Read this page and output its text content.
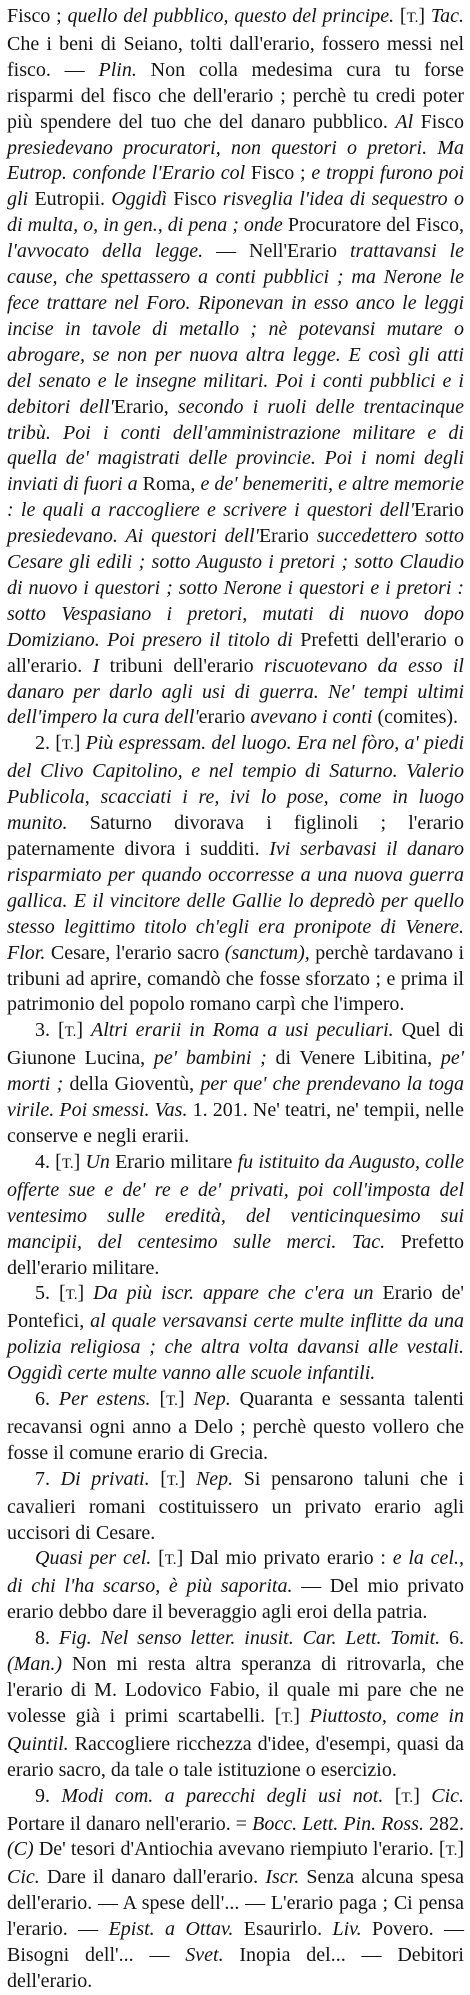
Fisco ; quello del pubblico, questo del principe. [T.] Tac. Che i beni di Seiano, tolti dall'erario, fossero messi nel fisco. — Plin. Non colla medesima cura tu forse risparmi del fisco che dell'erario ; perchè tu credi poter più spendere del tuo che del danaro pubblico. Al Fisco presiedevano procuratori, non questori o pretori. Ma Eutrop. confonde l'Erario col Fisco ; e troppi furono poi gli Eutropii. Oggidì Fisco risveglia l'idea di sequestro o di multa, o, in gen., di pena ; onde Procuratore del Fisco, l'avvocato della legge. — Nell'Erario trattavansi le cause, che spettassero a conti pubblici ; ma Nerone le fece trattare nel Foro. Riponevan in esso anco le leggi incise in tavole di metallo ; nè potevansi mutare o abrogare, se non per nuova altra legge. E così gli atti del senato e le insegne militari. Poi i conti pubblici e i debitori dell'Erario, secondo i ruoli delle trentacinque tribù. Poi i conti dell'amministrazione militare e di quella de' magistrati delle provincie. Poi i nomi degli inviati di fuori a Roma, e de' benemeriti, e altre memorie : le quali a raccogliere e scrivere i questori dell'Erario presiedevano. Ai questori dell'Erario succedettero sotto Cesare gli edili ; sotto Augusto i pretori ; sotto Claudio di nuovo i questori ; sotto Nerone i questori e i pretori : sotto Vespasiano i pretori, mutati di nuovo dopo Domiziano. Poi presero il titolo di Prefetti dell'erario o all'erario. I tribuni dell'erario riscuotevano da esso il danaro per darlo agli usi di guerra. Ne' tempi ultimi dell'impero la cura dell'erario avevano i conti (comites).

2. [T.] Più espressam. del luogo. Era nel fòro, a' piedi del Clivo Capitolino, e nel tempio di Saturno. Valerio Publicola, scacciati i re, ivi lo pose, come in luogo munito. Saturno divorava i figlinoli ; l'erario paternamente divora i sudditi. Ivi serbavasi il danaro risparmiato per quando occorresse a una nuova guerra gallica. E il vincitore delle Gallie lo depredò per quello stesso legittimo titolo ch'egli era pronipote di Venere. Flor. Cesare, l'erario sacro (sanctum), perchè tardavano i tribuni ad aprire, comandò che fosse sforzato ; e prima il patrimonio del popolo romano carpì che l'impero.

3. [T.] Altri erarii in Roma a usi peculiari. Quel di Giunone Lucina, pe' bambini ; di Venere Libitina, pe' morti ; della Gioventù, per que' che prendevano la toga virile. Poi smessi. Vas. 1. 201. Ne' teatri, ne' tempii, nelle conserve e negli erarii.

4. [T.] Un Erario militare fu istituito da Augusto, colle offerte sue e de' re e de' privati, poi coll'imposta del ventesimo sulle eredità, del venticinquesimo sui mancipii, del centesimo sulle merci. Tac. Prefetto dell'erario militare.

5. [T.] Da più iscr. appare che c'era un Erario de' Pontefici, al quale versavansi certe multe inflitte da una polizia religiosa ; che altra volta davansi alle vestali. Oggidì certe multe vanno alle scuole infantili.

6. Per estens. [T.] Nep. Quaranta e sessanta talenti recavansi ogni anno a Delo ; perchè questo vollero che fosse il comune erario di Grecia.

7. Di privati. [T.] Nep. Si pensarono taluni che i cavalieri romani costituissero un privato erario agli uccisori di Cesare.

Quasi per cel. [T.] Dal mio privato erario : e la cel., di chi l'ha scarso, è più saporita. — Del mio privato erario debbo dare il beveraggio agli eroi della patria.

8. Fig. Nel senso letter. inusit. Car. Lett. Tomit. 6. (Man.) Non mi resta altra speranza di ritrovarla, che l'erario di M. Lodovico Fabio, il quale mi pare che ne volesse già i primi scartabelli. [T.] Piuttosto, come in Quintil. Raccogliere ricchezza d'idee, d'esempi, quasi da erario sacro, da tale o tale istituzione o esercizio.

9. Modi com. a parecchi degli usi not. [T.] Cic. Portare il danaro nell'erario. = Bocc. Lett. Pin. Ross. 282. (C) De' tesori d'Antiochia avevano riempiuto l'erario. [T.] Cic. Dare il danaro dall'erario. Iscr. Senza alcuna spesa dell'erario. — A spese dell'... — L'erario paga ; Ci pensa l'erario. — Epist. a Ottav. Esaurirlo. Liv. Povero. — Bisogni dell'... — Svet. Inopia del... — Debitori dell'erario.
